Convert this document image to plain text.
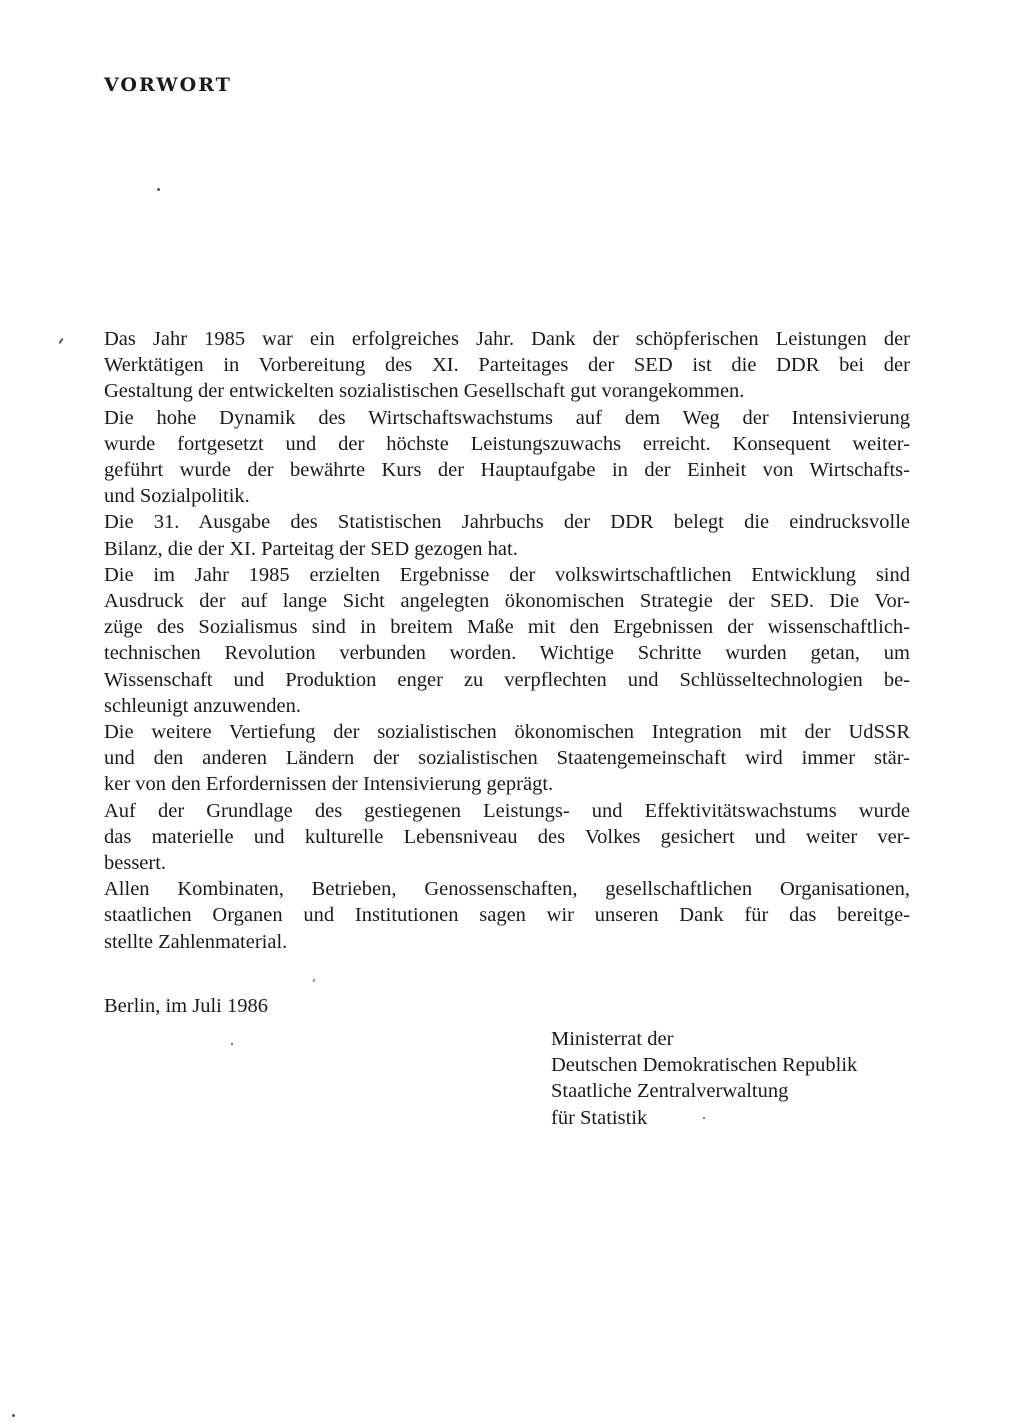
VORWORT
Das Jahr 1985 war ein erfolgreiches Jahr. Dank der schöpferischen Leistungen der
Werktätigen in Vorbereitung des XI. Parteitages der SED ist die DDR bei der
Gestaltung der entwickelten sozialistischen Gesellschaft gut vorangekommen.
Die hohe Dynamik des Wirtschaftswachstums auf dem Weg der Intensivierung
wurde fortgesetzt und der höchste Leistungszuwachs erreicht. Konsequent weiter-
geführt wurde der bewährte Kurs der Hauptaufgabe in der Einheit von Wirtschafts-
und Sozialpolitik.
Die 31. Ausgabe des Statistischen Jahrbuchs der DDR belegt die eindrucksvolle
Bilanz, die der XI. Parteitag der SED gezogen hat.
Die im Jahr 1985 erzielten Ergebnisse der volkswirtschaftlichen Entwicklung sind
Ausdruck der auf lange Sicht angelegten ökonomischen Strategie der SED. Die Vor-
züge des Sozialismus sind in breitem Maße mit den Ergebnissen der wissenschaftlich-
technischen Revolution verbunden worden. Wichtige Schritte wurden getan, um
Wissenschaft und Produktion enger zu verpflechten und Schlüsseltechnologien be-
schleunigt anzuwenden.
Die weitere Vertiefung der sozialistischen ökonomischen Integration mit der UdSSR
und den anderen Ländern der sozialistischen Staatengemeinschaft wird immer stär-
ker von den Erfordernissen der Intensivierung geprägt.
Auf der Grundlage des gestiegenen Leistungs- und Effektivitätswachstums wurde
das materielle und kulturelle Lebensniveau des Volkes gesichert und weiter ver-
bessert.
Allen Kombinaten, Betrieben, Genossenschaften, gesellschaftlichen Organisationen,
staatlichen Organen und Institutionen sagen wir unseren Dank für das bereitge-
stellte Zahlenmaterial.
Berlin, im Juli 1986
Ministerrat der
Deutschen Demokratischen Republik
Staatliche Zentralverwaltung
für Statistik
